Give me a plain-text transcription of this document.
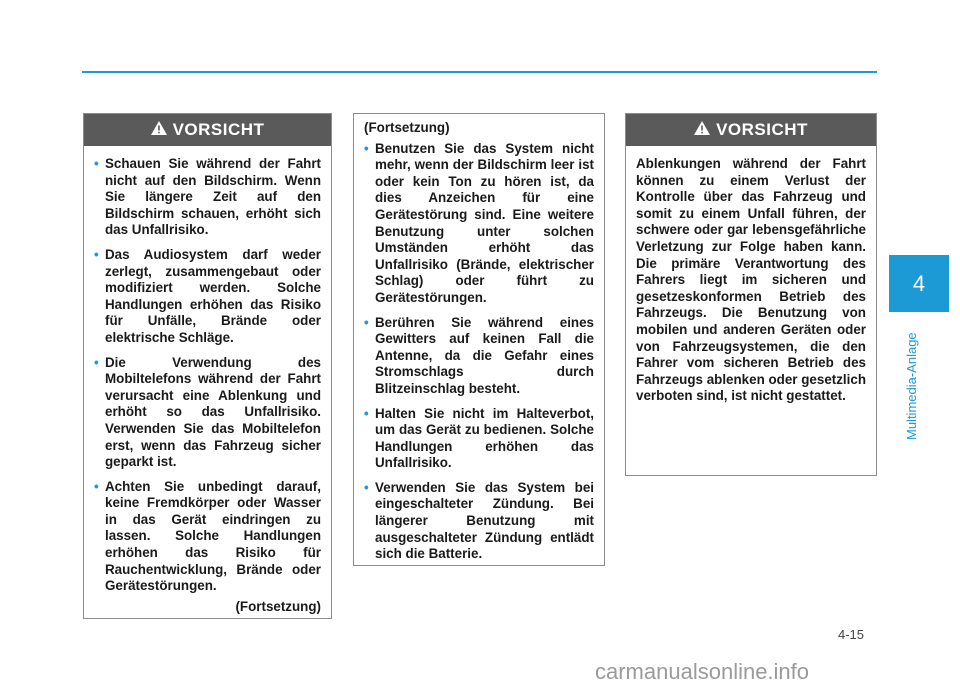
VORSICHT
• Schauen Sie während der Fahrt nicht auf den Bildschirm. Wenn Sie längere Zeit auf den Bildschirm schauen, erhöht sich das Unfallrisiko.
• Das Audiosystem darf weder zerlegt, zusammengebaut oder modifiziert werden. Solche Handlungen erhöhen das Risiko für Unfälle, Brände oder elektrische Schläge.
• Die Verwendung des Mobiltelefons während der Fahrt verursacht eine Ablenkung und erhöht so das Unfallrisiko. Verwenden Sie das Mobiltelefon erst, wenn das Fahrzeug sicher geparkt ist.
• Achten Sie unbedingt darauf, keine Fremdkörper oder Wasser in das Gerät eindringen zu lassen. Solche Handlungen erhöhen das Risiko für Rauchentwicklung, Brände oder Gerätestörungen.
(Fortsetzung)
(Fortsetzung)
• Benutzen Sie das System nicht mehr, wenn der Bildschirm leer ist oder kein Ton zu hören ist, da dies Anzeichen für eine Gerätestörung sind. Eine weitere Benutzung unter solchen Umständen erhöht das Unfallrisiko (Brände, elektrischer Schlag) oder führt zu Gerätestörungen.
• Berühren Sie während eines Gewitters auf keinen Fall die Antenne, da die Gefahr eines Stromschlags durch Blitzeinschlag besteht.
• Halten Sie nicht im Halteverbot, um das Gerät zu bedienen. Solche Handlungen erhöhen das Unfallrisiko.
• Verwenden Sie das System bei eingeschalteter Zündung. Bei längerer Benutzung mit ausgeschalteter Zündung entlädt sich die Batterie.
VORSICHT
Ablenkungen während der Fahrt können zu einem Verlust der Kontrolle über das Fahrzeug und somit zu einem Unfall führen, der schwere oder gar lebensgefährliche Verletzung zur Folge haben kann. Die primäre Verantwortung des Fahrers liegt im sicheren und gesetzeskonformen Betrieb des Fahrzeugs. Die Benutzung von mobilen und anderen Geräten oder von Fahrzeugsystemen, die den Fahrer vom sicheren Betrieb des Fahrzeugs ablenken oder gesetzlich verboten sind, ist nicht gestattet.
4
Multimedia-Anlage
4-15
carmanualsonline.info
